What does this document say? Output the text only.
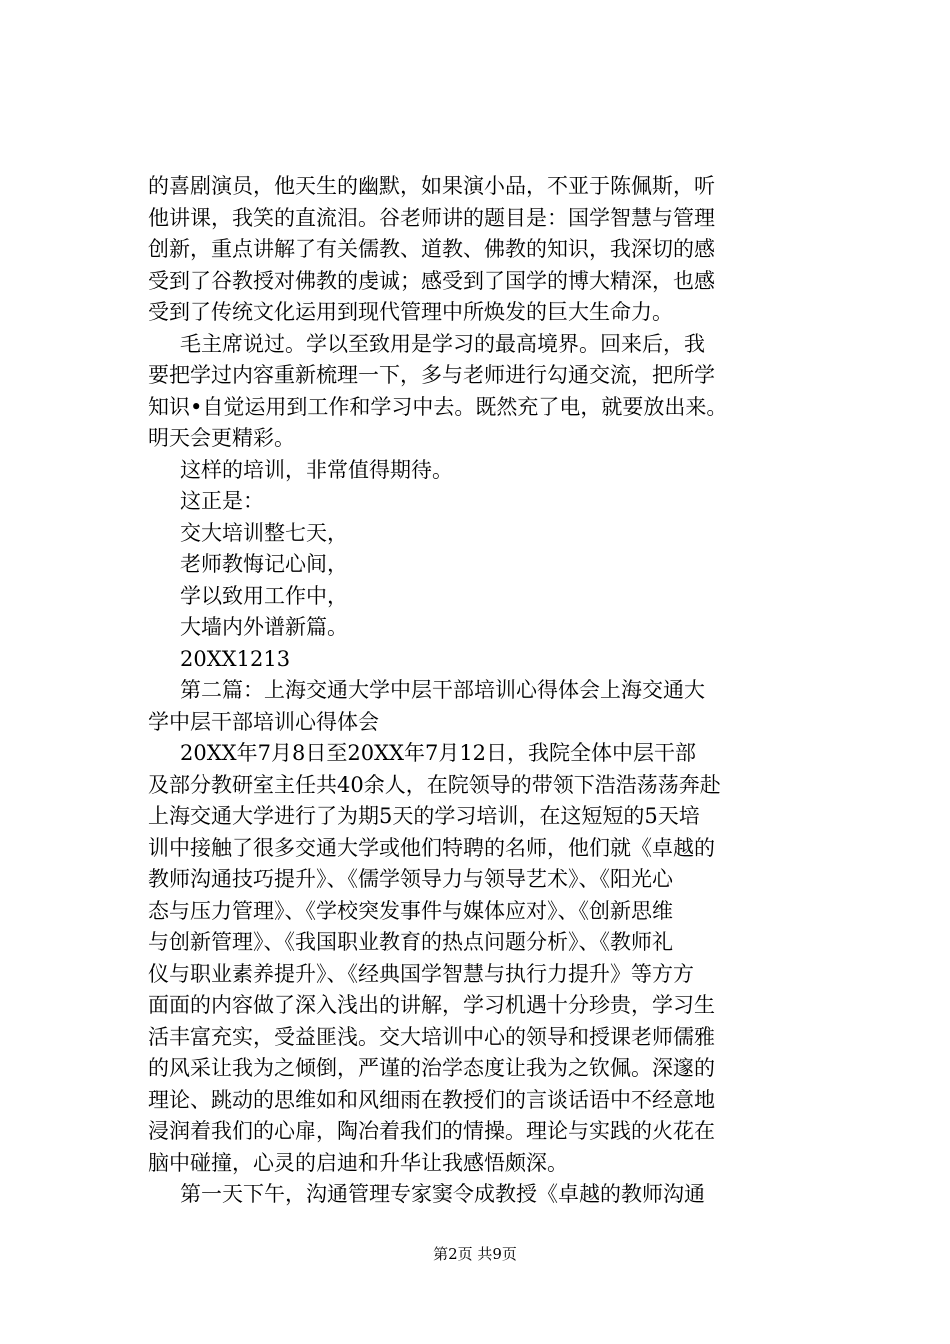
的喜剧演员，他天生的幽默，如果演小品，不亚于陈佩斯，听
他讲课，我笑的直流泪。谷老师讲的题目是：国学智慧与管理
创新，重点讲解了有关儒教、道教、佛教的知识，我深切的感
受到了谷教授对佛教的虔诚；感受到了国学的博大精深，也感
受到了传统文化运用到现代管理中所焕发的巨大生命力。
毛主席说过。学以至致用是学习的最高境界。回来后，我
要把学过内容重新梳理一下，多与老师进行勾通交流，把所学
知识•自觉运用到工作和学习中去。既然充了电，就要放出来。
明天会更精彩。
这样的培训，非常值得期待。
这正是：
交大培训整七天，
老师教悔记心间，
学以致用工作中，
大墙内外谱新篇。
20XX1213
第二篇：上海交通大学中层干部培训心得体会上海交通大
学中层干部培训心得体会
20XX年7月8日至20XX年7月12日，我院全体中层干部
及部分教研室主任共40余人，在院领导的带领下浩浩荡荡奔赴
上海交通大学进行了为期5天的学习培训，在这短短的5天培
训中接触了很多交通大学或他们特聘的名师，他们就《卓越的
教师沟通技巧提升》、《儒学领导力与领导艺术》、《阳光心
态与压力管理》、《学校突发事件与媒体应对》、《创新思维
与创新管理》、《我国职业教育的热点问题分析》、《教师礼
仪与职业素养提升》、《经典国学智慧与执行力提升》等方方
面面的内容做了深入浅出的讲解，学习机遇十分珍贵，学习生
活丰富充实，受益匪浅。交大培训中心的领导和授课老师儒雅
的风采让我为之倾倒，严谨的治学态度让我为之钦佩。深邃的
理论、跳动的思维如和风细雨在教授们的言谈话语中不经意地
浸润着我们的心扉，陶冶着我们的情操。理论与实践的火花在
脑中碰撞，心灵的启迪和升华让我感悟颇深。
第一天下午，沟通管理专家窦令成教授《卓越的教师沟通
第2页 共9页
